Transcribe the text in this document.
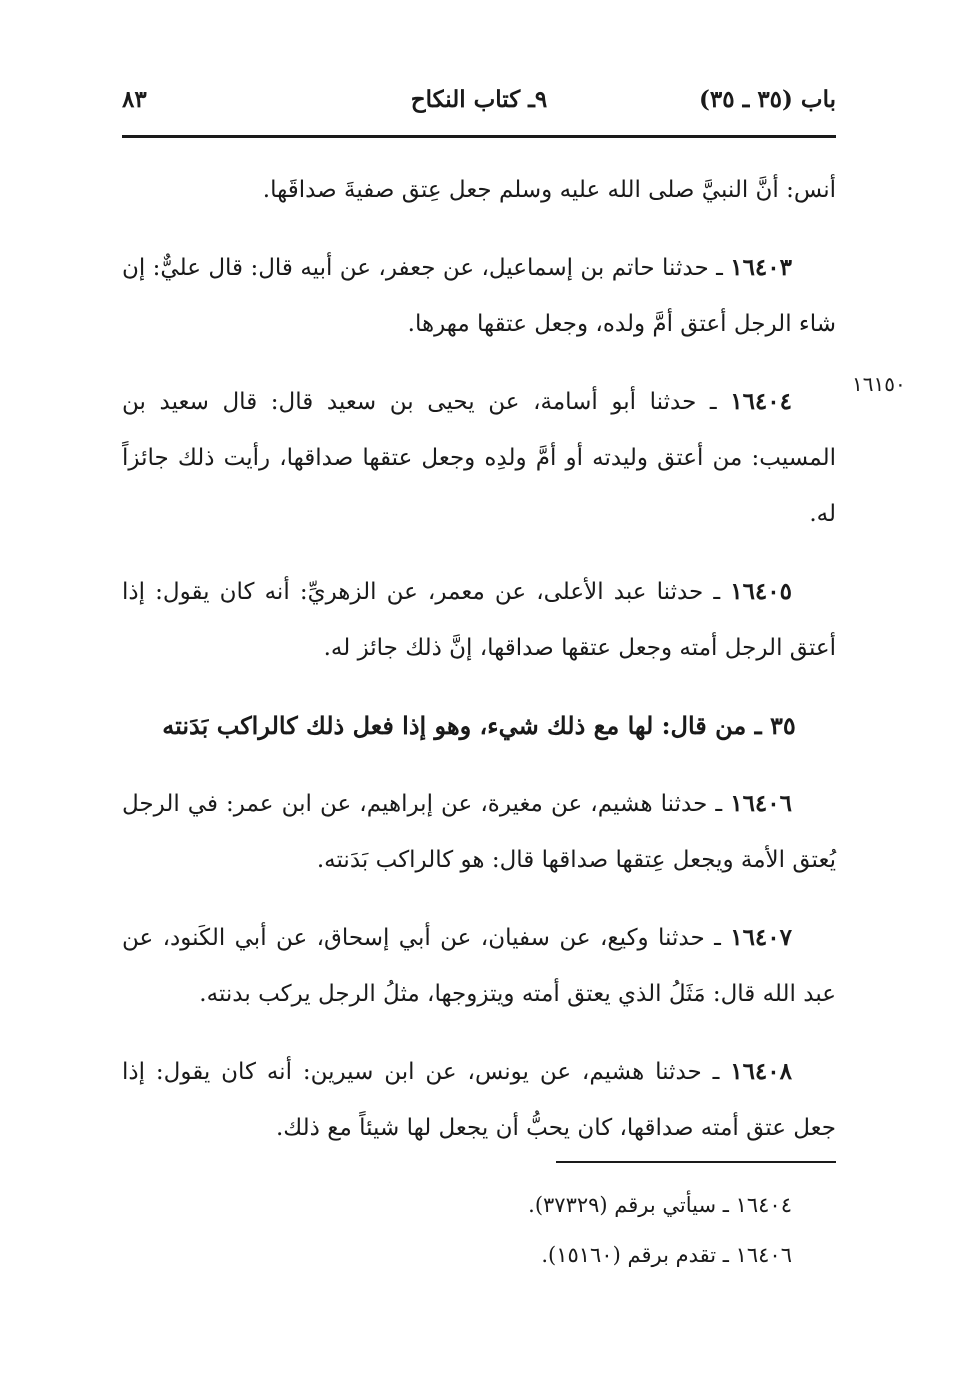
باب (٣٥ ـ ٣٥)
٩ـ كتاب النكاح
٨٣
١٦١٥٠

أنس: أنَّ النبيَّ صلى الله عليه وسلم جعل عِتق صفيةَ صداقَها.

١٦٤٠٣ ـ حدثنا حاتم بن إسماعيل، عن جعفر، عن أبيه قال: قال عليٌّ: إن شاء الرجل أعتق أمَّ ولده، وجعل عتقها مهرها.

١٦٤٠٤ ـ حدثنا أبو أسامة، عن يحيى بن سعيد قال: قال سعيد بن المسيب: من أعتق وليدته أو أمَّ ولدِه وجعل عتقها صداقها، رأيت ذلك جائزاً له.

١٦٤٠٥ ـ حدثنا عبد الأعلى، عن معمر، عن الزهريِّ: أنه كان يقول: إذا أعتق الرجل أمته وجعل عتقها صداقها، إنَّ ذلك جائز له.

٣٥ ـ من قال: لها مع ذلك شيء، وهو إذا فعل ذلك كالراكب بَدَنته

١٦٤٠٦ ـ حدثنا هشيم، عن مغيرة، عن إبراهيم، عن ابن عمر: في الرجل يُعتق الأمة ويجعل عِتقها صداقها قال: هو كالراكب بَدَنته.

١٦٤٠٧ ـ حدثنا وكيع، عن سفيان، عن أبي إسحاق، عن أبي الكَنود، عن عبد الله قال: مَثَلُ الذي يعتق أمته ويتزوجها، مثلُ الرجل يركب بدنته.

١٦٤٠٨ ـ حدثنا هشيم، عن يونس، عن ابن سيرين: أنه كان يقول: إذا جعل عتق أمته صداقها، كان يحبُّ أن يجعل لها شيئاً مع ذلك.

١٦٤٠٤ ـ سيأتي برقم (٣٧٣٢٩).

١٦٤٠٦ ـ تقدم برقم (١٥١٦٠).
